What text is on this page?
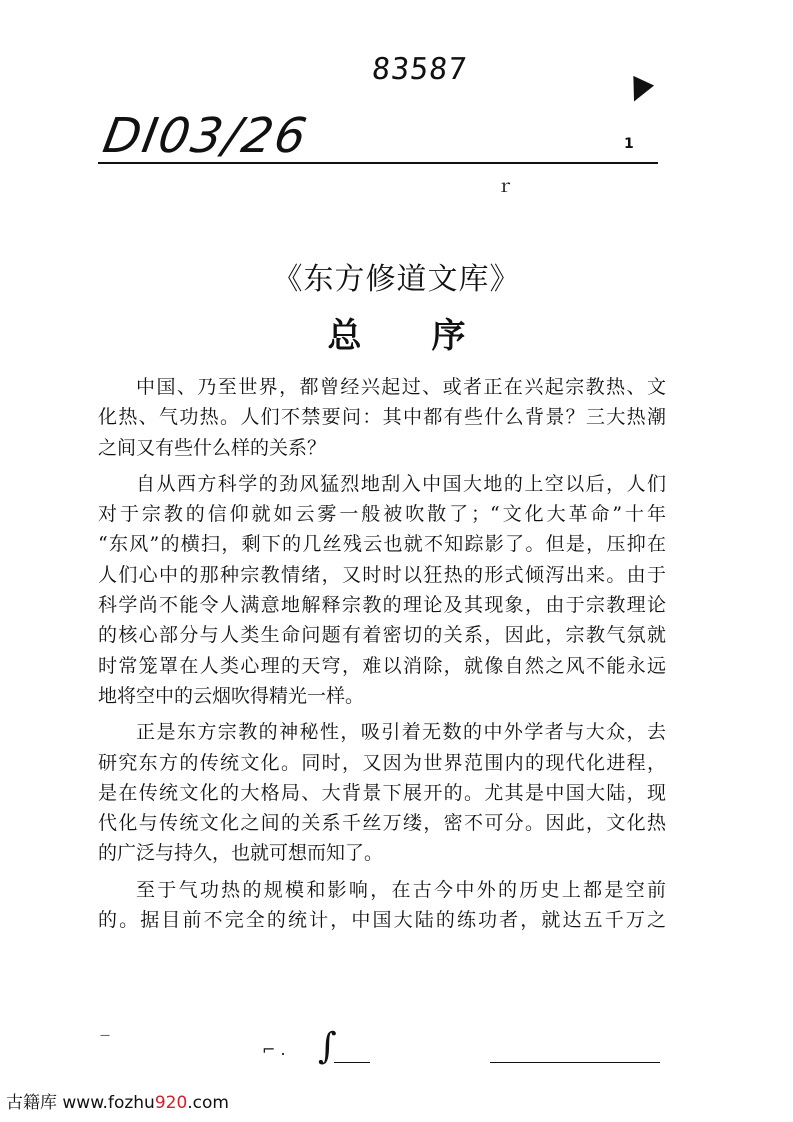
83587
DI03/26	1
▼
ｒ
《东方修道文库》
总 序
中国、乃至世界，都曾经兴起过、或者正在兴起宗教热、文
化热、气功热。人们不禁要问：其中都有些什么背景？三大热潮
之间又有些什么样的关系？
自从西方科学的劲风猛烈地刮入中国大地的上空以后，人们
对于宗教的信仰就如云雾一般被吹散了；“文化大革命”十年
“东风”的横扫，剩下的几丝残云也就不知踪影了。但是，压抑在
人们心中的那种宗教情绪，又时时以狂热的形式倾泻出来。由于
科学尚不能令人满意地解释宗教的理论及其现象，由于宗教理论
的核心部分与人类生命问题有着密切的关系，因此，宗教气氛就
时常笼罩在人类心理的天穹，难以消除，就像自然之风不能永远
地将空中的云烟吹得精光一样。
正是东方宗教的神秘性，吸引着无数的中外学者与大众，去
研究东方的传统文化。同时，又因为世界范围内的现代化进程，
是在传统文化的大格局、大背景下展开的。尤其是中国大陆，现
代化与传统文化之间的关系千丝万缕，密不可分。因此，文化热
的广泛与持久，也就可想而知了。
至于气功热的规模和影响，在古今中外的历史上都是空前
的。据目前不完全的统计，中国大陆的练功者，就达五千万之
—
⌐ . ∫
古籍库 www.fozhu920.com
